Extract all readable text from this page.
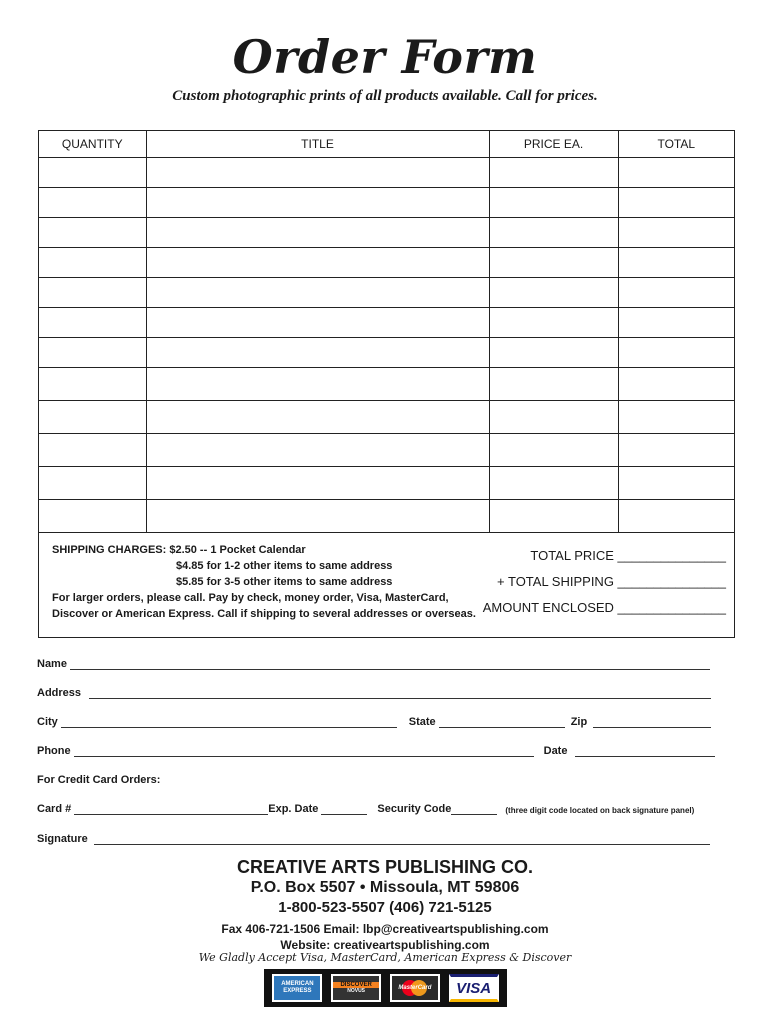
Order Form
Custom photographic prints of all products available. Call for prices.
QUANTITY	TITLE	PRICE EA.	TOTAL

SHIPPING CHARGES: $2.50 -- 1 Pocket Calendar

$4.85 for 1-2 other items to same address
$5.85 for 3-5 other items to same address
For larger orders, please call. Pay by check, money order, Visa, MasterCard,
Discover or American Express. Call if shipping to several addresses or overseas.
TOTAL PRICE _______________
+ TOTAL SHIPPING _______________
AMOUNT ENCLOSED _______________
Name
Address
City	State	Zip
Phone	Date
For Credit Card Orders:
Card #	Exp. Date	Security Code	(three digit code located on back signature panel)
Signature
CREATIVE ARTS PUBLISHING CO.
P.O. Box 5507 • Missoula, MT 59806
1-800-523-5507 (406) 721-5125
Fax 406-721-1506 Email: lbp@creativeartspublishing.com
Website: creativeartspublishing.com
We Gladly Accept Visa, MasterCard, American Express & Discover
AMERICAN EXPRESS
DISCOVER
NOVUS	MasterCard VISA
